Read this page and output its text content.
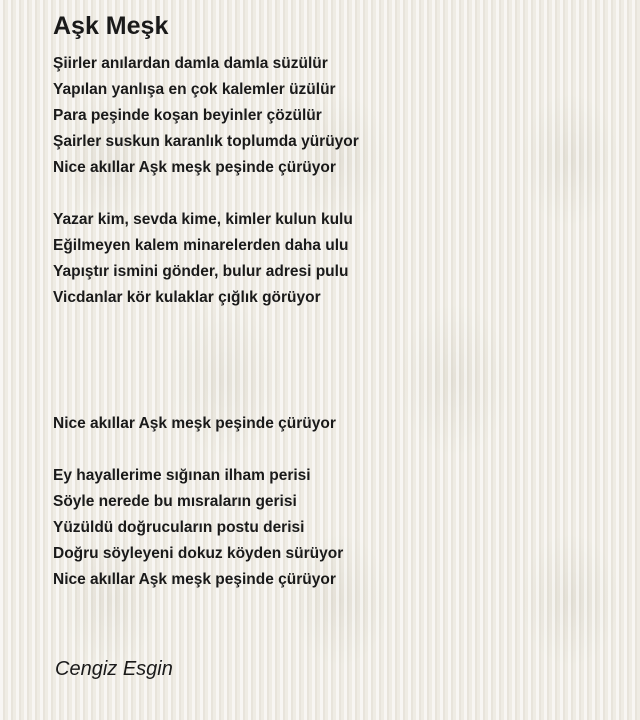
Aşk Meşk
Şiirler anılardan damla damla süzülür
Yapılan yanlışa en çok kalemler üzülür
Para peşinde koşan beyinler çözülür
Şairler suskun karanlık toplumda yürüyor
Nice akıllar Aşk meşk peşinde çürüyor
Yazar kim, sevda kime, kimler kulun kulu
Eğilmeyen kalem minarelerden daha ulu
Yapıştır ismini gönder, bulur adresi pulu
Vicdanlar kör kulaklar çığlık görüyor
Nice akıllar Aşk meşk peşinde çürüyor
Ey hayallerime sığınan ilham perisi
Söyle nerede bu mısraların gerisi
Yüzüldü doğrucuların postu derisi
Doğru söyleyeni dokuz köyden sürüyor
Nice akıllar Aşk meşk peşinde çürüyor
Cengiz Esgin
